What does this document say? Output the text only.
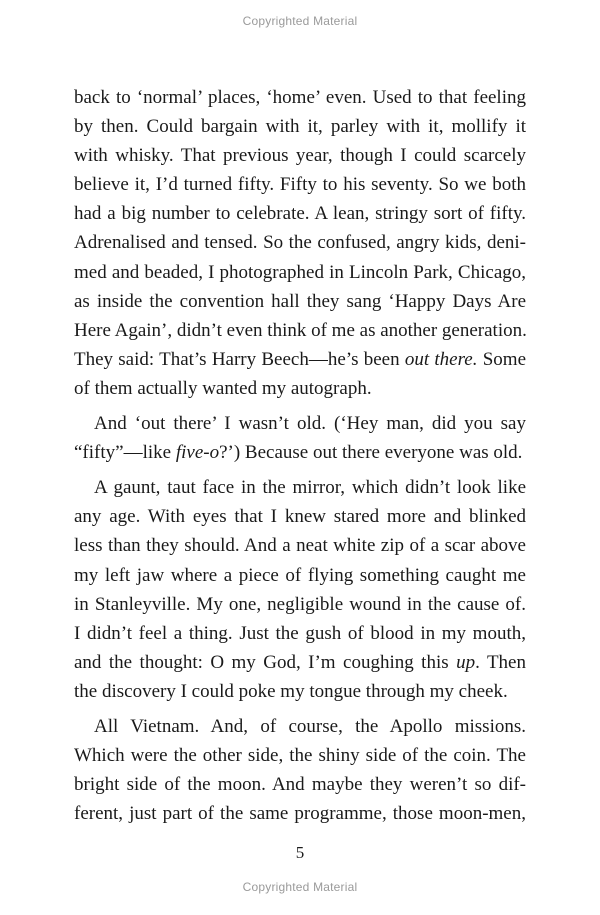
Copyrighted Material

back to ‘normal’ places, ‘home’ even. Used to that feeling
by then. Could bargain with it, parley with it, mollify it
with whisky. That previous year, though I could scarcely
believe it, I’d turned fifty. Fifty to his seventy. So we both
had a big number to celebrate. A lean, stringy sort of fifty.
Adrenalised and tensed. So the confused, angry kids, deni-
med and beaded, I photographed in Lincoln Park, Chicago,
as inside the convention hall they sang ‘Happy Days Are
Here Again’, didn’t even think of me as another generation.
They said: That’s Harry Beech—he’s been out there. Some
of them actually wanted my autograph.

And ‘out there’ I wasn’t old. (‘Hey man, did you say
“fifty”—like five-o?’) Because out there everyone was old.

A gaunt, taut face in the mirror, which didn’t look like
any age. With eyes that I knew stared more and blinked
less than they should. And a neat white zip of a scar above
my left jaw where a piece of flying something caught me
in Stanleyville. My one, negligible wound in the cause of.
I didn’t feel a thing. Just the gush of blood in my mouth,
and the thought: O my God, I’m coughing this up. Then
the discovery I could poke my tongue through my cheek.

All Vietnam. And, of course, the Apollo missions.
Which were the other side, the shiny side of the coin. The
bright side of the moon. And maybe they weren’t so dif-
ferent, just part of the same programme, those moon-men,

5
Copyrighted Material
